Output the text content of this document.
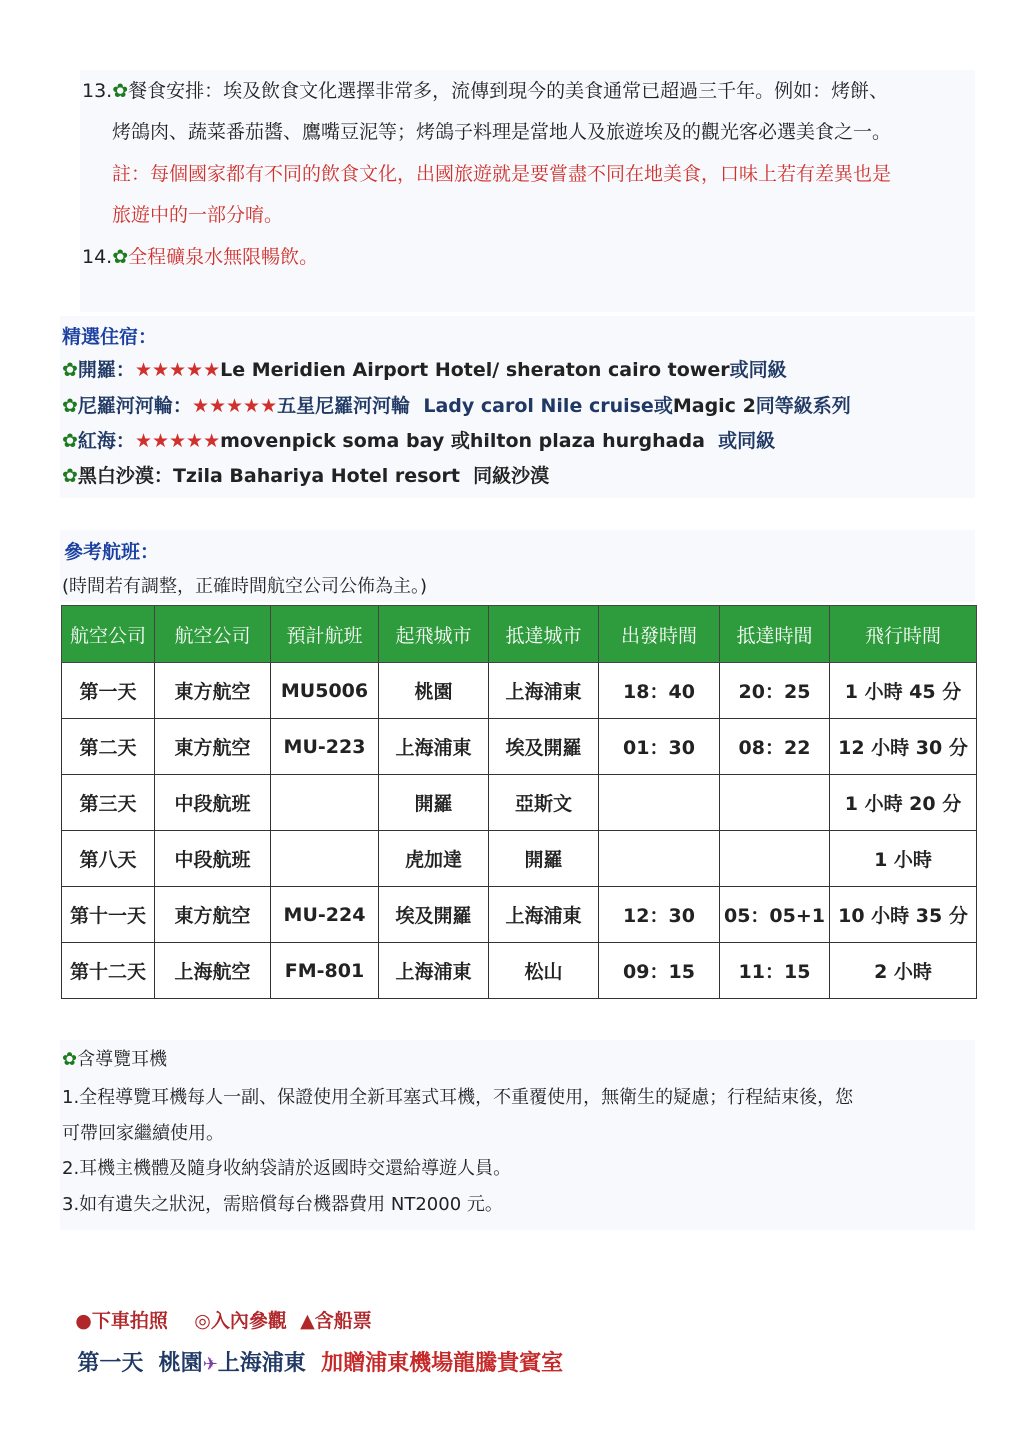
13.✿餐食安排：埃及飲食文化選擇非常多，流傳到現今的美食通常已超過三千年。例如：烤餅、
烤鴿肉、蔬菜番茄醬、鷹嘴豆泥等；烤鴿子料理是當地人及旅遊埃及的觀光客必選美食之一。
註：每個國家都有不同的飲食文化，出國旅遊就是要嘗盡不同在地美食，口味上若有差異也是
旅遊中的一部分唷。
14.✿全程礦泉水無限暢飲。
精選住宿：
✿開羅：★★★★★Le Meridien Airport Hotel/ sheraton cairo tower或同級
✿尼羅河河輪：★★★★★五星尼羅河河輪  Lady carol Nile cruise或Magic 2同等級系列
✿紅海：★★★★★movenpick soma bay 或hilton plaza hurghada  或同級
✿黑白沙漠：Tzila Bahariya Hotel resort  同級沙漠
參考航班：
(時間若有調整，正確時間航空公司公佈為主。)
航空公司	航空公司	預計航班	起飛城市	抵達城市	出發時間	抵達時間	飛行時間
第一天	東方航空	MU5006	桃園	上海浦東	18：40	20：25	1 小時 45 分
第二天	東方航空	MU-223	上海浦東	埃及開羅	01：30	08：22	12 小時 30 分
第三天	中段航班		開羅	亞斯文			1 小時 20 分
第八天	中段航班		虎加達	開羅			1 小時
第十一天	東方航空	MU-224	埃及開羅	上海浦東	12：30	05：05+1	10 小時 35 分
第十二天	上海航空	FM-801	上海浦東	松山	09：15	11：15	2 小時
✿含導覽耳機
1.全程導覽耳機每人一副、保證使用全新耳塞式耳機，不重覆使用，無衛生的疑慮；行程結束後，您
可帶回家繼續使用。
2.耳機主機體及隨身收納袋請於返國時交還給導遊人員。
3.如有遺失之狀況，需賠償每台機器費用 NT2000 元。

●下車拍照 ◎入內參觀 ▲含船票

第一天 桃園✈上海浦東 加贈浦東機場龍騰貴賓室
